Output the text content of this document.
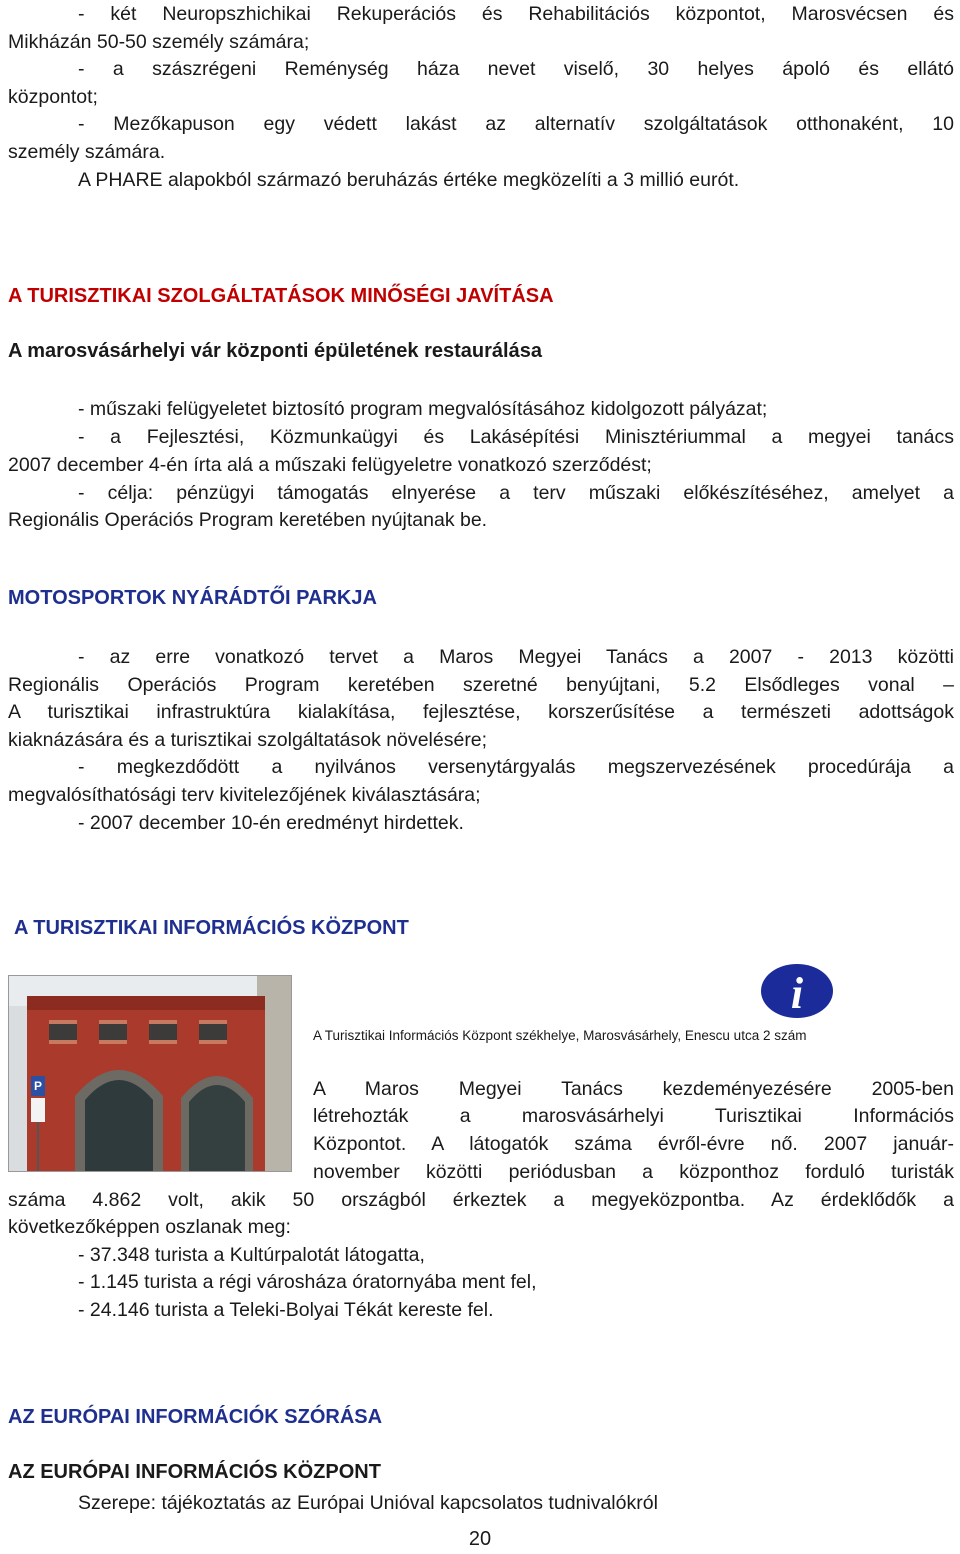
- két Neuropszhichikai Rekuperációs és Rehabilitációs központot, Marosvécsen és

Mikházán 50-50 személy számára;

- a szászrégeni Reménység háza nevet viselő, 30 helyes ápoló és ellátó

központot;

- Mezőkapuson egy védett lakást az alternatív szolgáltatások otthonaként, 10

személy számára.

A PHARE alapokból származó beruházás értéke megközelíti a 3 millió eurót.

A TURISZTIKAI SZOLGÁLTATÁSOK MINŐSÉGI JAVÍTÁSA
A marosvásárhelyi vár központi épületének restaurálása

- műszaki felügyeletet biztosító program megvalósításához kidolgozott pályázat;

- a Fejlesztési, Közmunkaügyi és Lakásépítési Minisztériummal a megyei tanács

2007 december 4-én írta alá a műszaki felügyeletre vonatkozó szerződést;

- célja: pénzügyi támogatás elnyerése a terv műszaki előkészítéséhez, amelyet a

Regionális Operációs Program keretében nyújtanak be.

MOTOSPORTOK NYÁRÁDTŐI PARKJA

- az erre vonatkozó tervet a Maros Megyei Tanács a 2007 - 2013 közötti

Regionális Operációs Program keretében szeretné benyújtani, 5.2 Elsődleges vonal –

A turisztikai infrastruktúra kialakítása, fejlesztése, korszerűsítése a természeti adottságok

kiaknázására és a turisztikai szolgáltatások növelésére;

- megkezdődött a nyilvános versenytárgyalás megszervezésének procedúrája a

megvalósíthatósági terv kivitelezőjének kiválasztására;

- 2007 december 10-én eredményt hirdettek.

A TURISZTIKAI INFORMÁCIÓS KÖZPONT
P
i
A Turisztikai Információs Központ székhelye, Marosvásárhely, Enescu utca 2 szám

A Maros Megyei Tanács kezdeményezésére 2005-ben

létrehozták a marosvásárhelyi Turisztikai Információs

Központot. A látogatók száma évről-évre nő. 2007 január-

november közötti periódusban a központhoz forduló turisták

száma 4.862 volt, akik 50 országból érkeztek a megyeközpontba. Az érdeklődők a

következőképpen oszlanak meg:

- 37.348 turista a Kultúrpalotát látogatta,

- 1.145 turista a régi városháza óratornyába ment fel,

- 24.146 turista a Teleki-Bolyai Tékát kereste fel.

AZ EURÓPAI INFORMÁCIÓK SZÓRÁSA
AZ EURÓPAI INFORMÁCIÓS KÖZPONT

Szerepe: tájékoztatás az Európai Unióval kapcsolatos tudnivalókról

20
